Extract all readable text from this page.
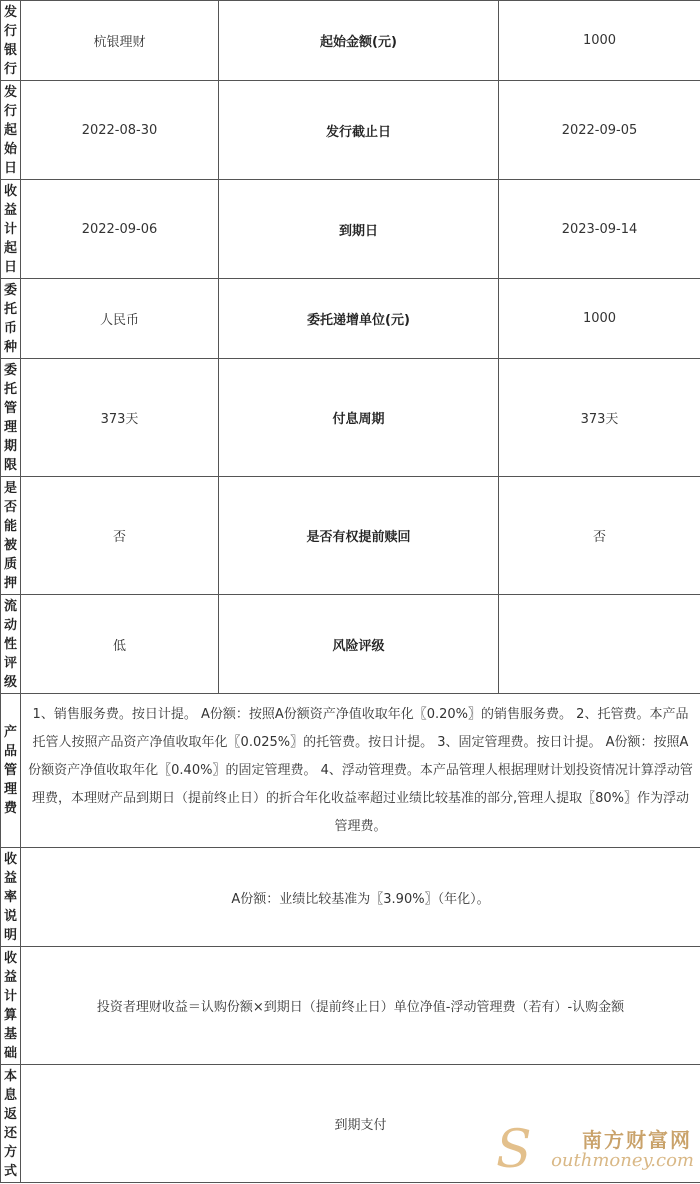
发行银行	杭银理财	起始金额(元)	1000
发行起始日	2022-08-30	发行截止日	2022-09-05
收益计起日	2022-09-06	到期日	2023-09-14
委托币种	人民币	委托递增单位(元)	1000
委托管理期限	373天	付息周期	373天
是否能被质押	否	是否有权提前赎回	否
流动性评级	低	风险评级	
产品管理费	1、销售服务费。按日计提。 A份额：按照A份额资产净值收取年化〖0.20%〗的销售服务费。 2、托管费。本产品托管人按照产品资产净值收取年化〖0.025%〗的托管费。按日计提。 3、固定管理费。按日计提。 A份额：按照A份额资产净值收取年化〖0.40%〗的固定管理费。 4、浮动管理费。本产品管理人根据理财计划投资情况计算浮动管理费，本理财产品到期日（提前终止日）的折合年化收益率超过业绩比较基准的部分,管理人提取〖80%〗作为浮动管理费。		
收益率说明	A份额：业绩比较基准为〖3.90%〗（年化）。		
收益计算基础	投资者理财收益＝认购份额×到期日（提前终止日）单位净值-浮动管理费（若有）-认购金额		
本息返还方式	到期支付		S	南方财富网
outhmoney.com
